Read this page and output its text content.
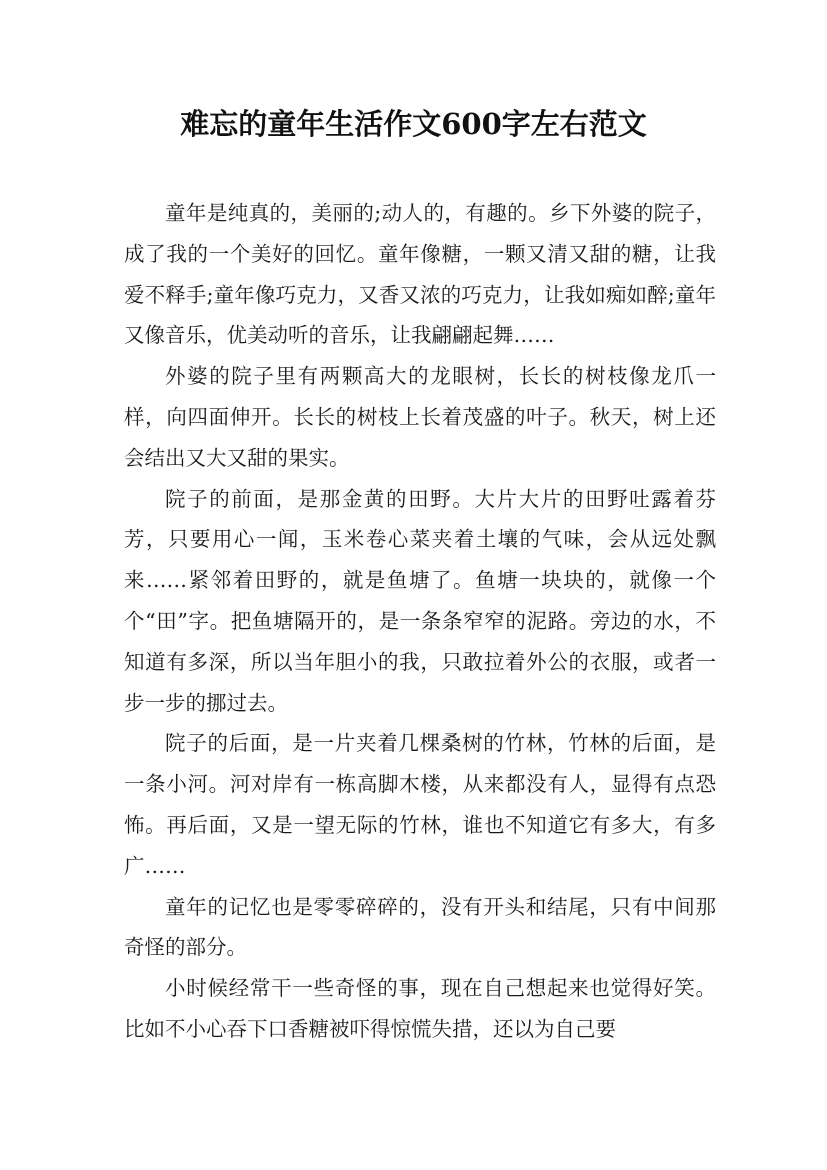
难忘的童年生活作文600字左右范文

童年是纯真的，美丽的;动人的，有趣的。乡下外婆的院子，成了我的一个美好的回忆。童年像糖，一颗又清又甜的糖，让我爱不释手;童年像巧克力，又香又浓的巧克力，让我如痴如醉;童年又像音乐，优美动听的音乐，让我翩翩起舞……

外婆的院子里有两颗高大的龙眼树，长长的树枝像龙爪一样，向四面伸开。长长的树枝上长着茂盛的叶子。秋天，树上还会结出又大又甜的果实。

院子的前面，是那金黄的田野。大片大片的田野吐露着芬芳，只要用心一闻，玉米卷心菜夹着土壤的气味，会从远处飘来……紧邻着田野的，就是鱼塘了。鱼塘一块块的，就像一个个“田”字。把鱼塘隔开的，是一条条窄窄的泥路。旁边的水，不知道有多深，所以当年胆小的我，只敢拉着外公的衣服，或者一步一步的挪过去。

院子的后面，是一片夹着几棵桑树的竹林，竹林的后面，是一条小河。河对岸有一栋高脚木楼，从来都没有人，显得有点恐怖。再后面，又是一望无际的竹林，谁也不知道它有多大，有多广……

童年的记忆也是零零碎碎的，没有开头和结尾，只有中间那奇怪的部分。

小时候经常干一些奇怪的事，现在自己想起来也觉得好笑。比如不小心吞下口香糖被吓得惊慌失措，还以为自己要
